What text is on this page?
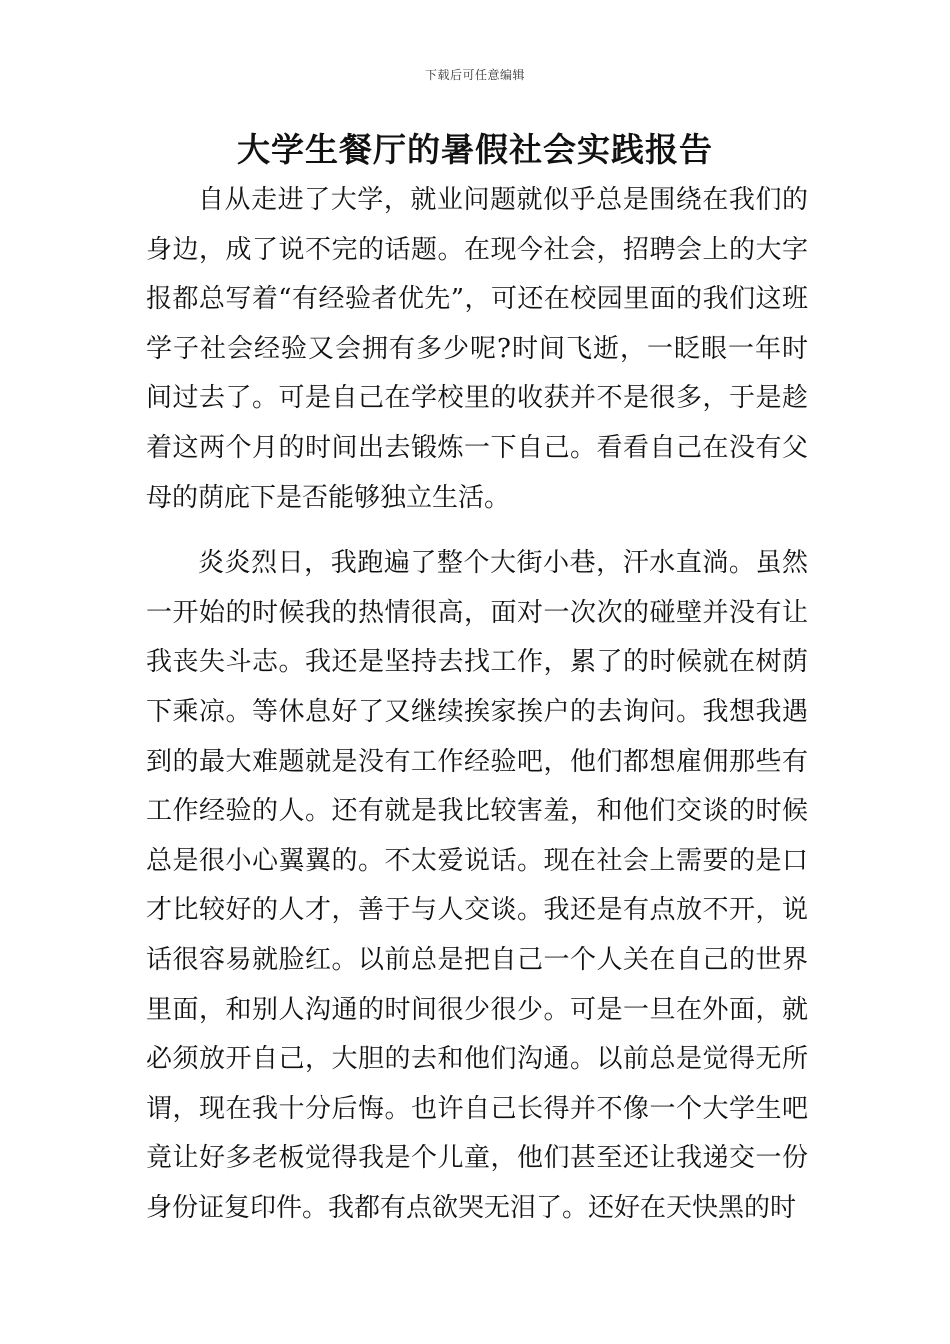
下载后可任意编辑
大学生餐厅的暑假社会实践报告

自从走进了大学，就业问题就似乎总是围绕在我们的身边，成了说不完的话题。在现今社会，招聘会上的大字报都总写着“有经验者优先”，可还在校园里面的我们这班学子社会经验又会拥有多少呢?时间飞逝，一眨眼一年时间过去了。可是自己在学校里的收获并不是很多，于是趁着这两个月的时间出去锻炼一下自己。看看自己在没有父母的荫庇下是否能够独立生活。

炎炎烈日，我跑遍了整个大街小巷，汗水直淌。虽然一开始的时候我的热情很高，面对一次次的碰壁并没有让我丧失斗志。我还是坚持去找工作，累了的时候就在树荫下乘凉。等休息好了又继续挨家挨户的去询问。我想我遇到的最大难题就是没有工作经验吧，他们都想雇佣那些有工作经验的人。还有就是我比较害羞，和他们交谈的时候总是很小心翼翼的。不太爱说话。现在社会上需要的是口才比较好的人才，善于与人交谈。我还是有点放不开，说话很容易就脸红。以前总是把自己一个人关在自己的世界里面，和别人沟通的时间很少很少。可是一旦在外面，就必须放开自己，大胆的去和他们沟通。以前总是觉得无所谓，现在我十分后悔。也许自己长得并不像一个大学生吧竟让好多老板觉得我是个儿童，他们甚至还让我递交一份身份证复印件。我都有点欲哭无泪了。还好在天快黑的时
